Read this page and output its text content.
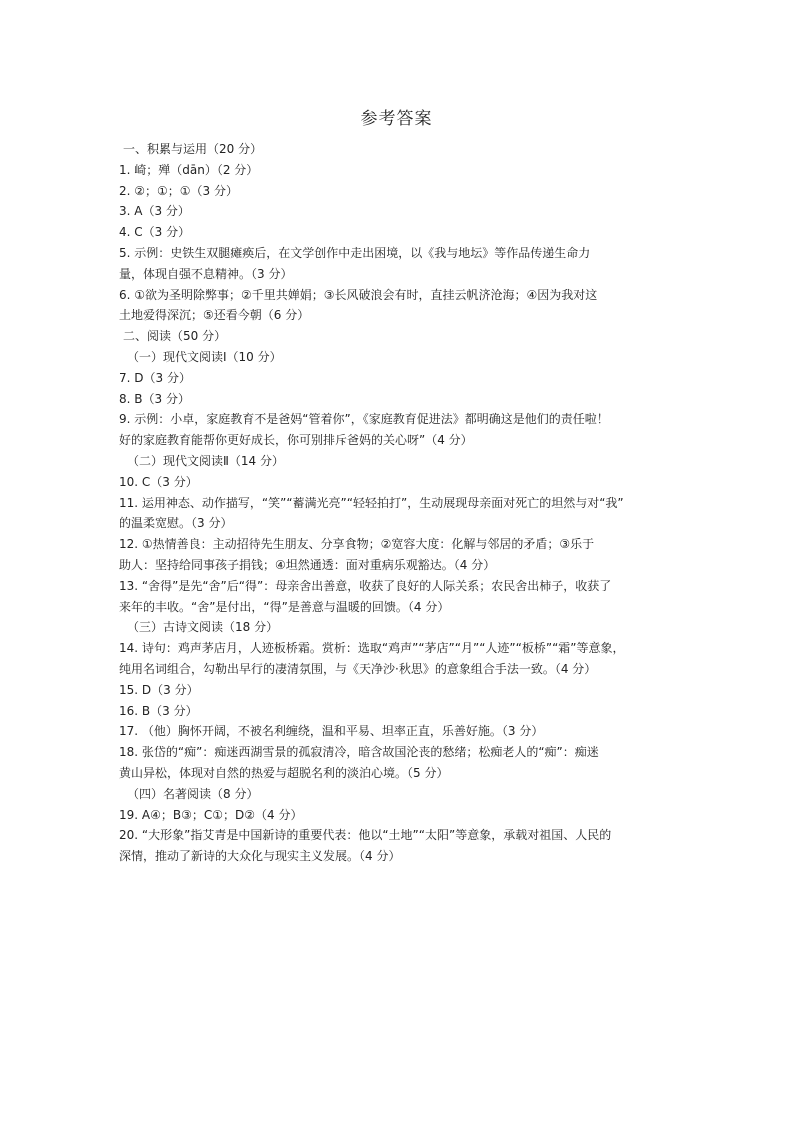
参考答案

一、积累与运用（20 分）

1. 崎；殚（dān）（2 分）

2. ②；①；①（3 分）

3. A（3 分）

4. C（3 分）

5. 示例：史铁生双腿瘫痪后，在文学创作中走出困境，以《我与地坛》等作品传递生命力

量，体现自强不息精神。（3 分）

6. ①欲为圣明除弊事；②千里共婵娟；③长风破浪会有时，直挂云帆济沧海；④因为我对这

土地爱得深沉；⑤还看今朝（6 分）

二、阅读（50 分）

（一）现代文阅读Ⅰ（10 分）

7. D（3 分）

8. B（3 分）

9. 示例：小卓，家庭教育不是爸妈“管着你”，《家庭教育促进法》都明确这是他们的责任啦！

好的家庭教育能帮你更好成长，你可别排斥爸妈的关心呀”（4 分）

（二）现代文阅读Ⅱ（14 分）

10. C（3 分）

11. 运用神态、动作描写，“笑”“蓄满光亮”“轻轻拍打”，生动展现母亲面对死亡的坦然与对“我”

的温柔宽慰。（3 分）

12. ①热情善良：主动招待先生朋友、分享食物；②宽容大度：化解与邻居的矛盾；③乐于

助人：坚持给同事孩子捐钱；④坦然通透：面对重病乐观豁达。（4 分）

13. “舍得”是先“舍”后“得”：母亲舍出善意，收获了良好的人际关系；农民舍出柿子，收获了

来年的丰收。“舍”是付出，“得”是善意与温暖的回馈。（4 分）

（三）古诗文阅读（18 分）

14. 诗句：鸡声茅店月，人迹板桥霜。赏析：选取“鸡声”“茅店”“月”“人迹”“板桥”“霜”等意象，

纯用名词组合，勾勒出早行的凄清氛围，与《天净沙·秋思》的意象组合手法一致。（4 分）

15. D（3 分）

16. B（3 分）

17. （他）胸怀开阔，不被名利缠绕，温和平易、坦率正直，乐善好施。（3 分）

18. 张岱的“痴”：痴迷西湖雪景的孤寂清冷，暗含故国沦丧的愁绪；松痴老人的“痴”：痴迷

黄山异松，体现对自然的热爱与超脱名利的淡泊心境。（5 分）

（四）名著阅读（8 分）

19. A④；B③；C①；D②（4 分）

20. “大形象”指艾青是中国新诗的重要代表：他以“土地”“太阳”等意象，承载对祖国、人民的

深情，推动了新诗的大众化与现实主义发展。（4 分）
